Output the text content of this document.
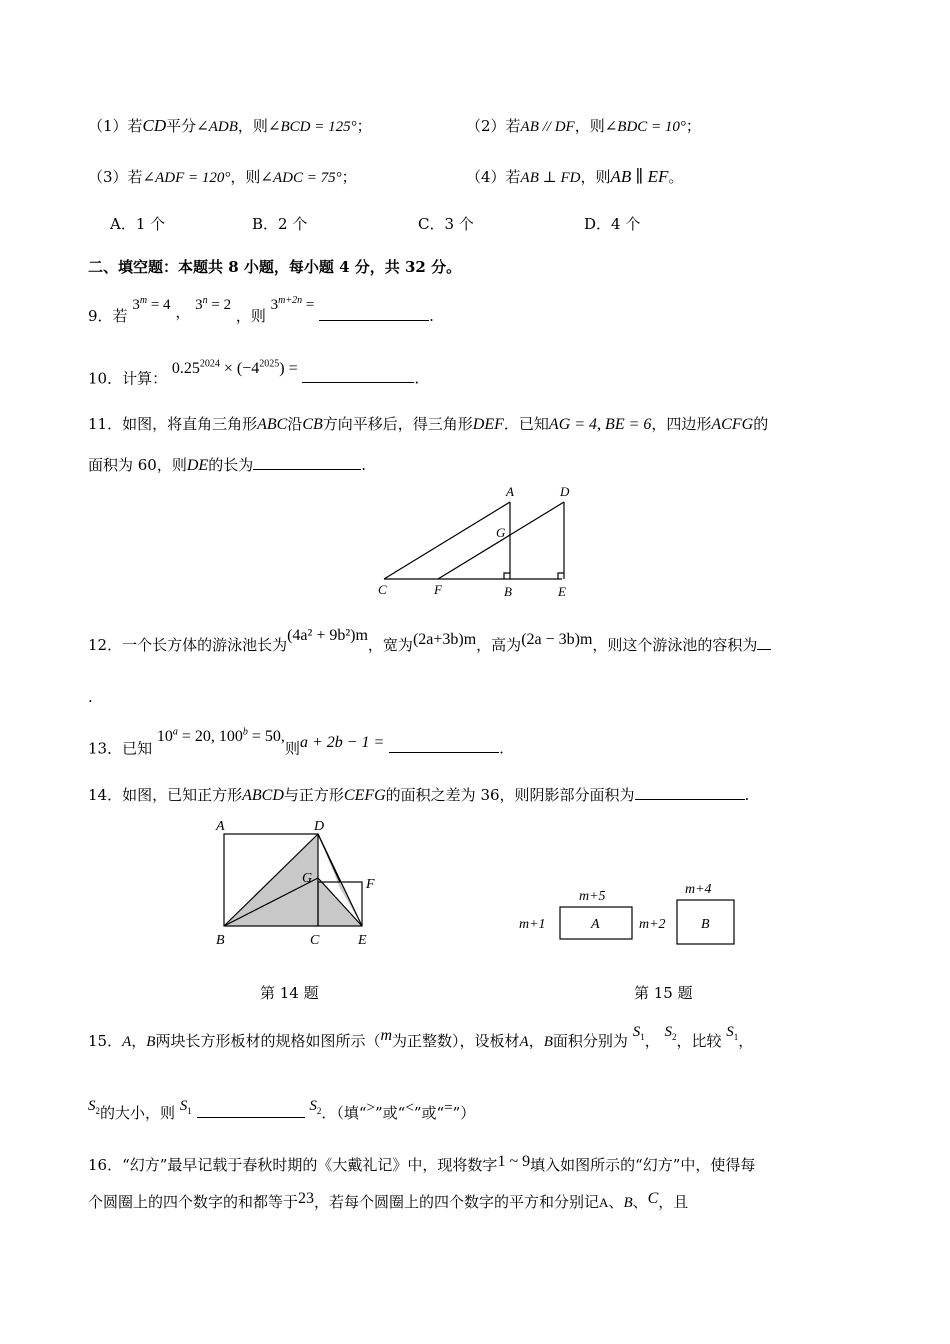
（1）若CD平分∠ADB，则∠BCD = 125°；	（2）若AB // DF，则∠BDC = 10°；
（3）若∠ADF = 120°，则∠ADC = 75°；	（4）若AB ⊥ FD，则AB ∥ EF。
A．1 个	B．2 个	C．3 个	D．4 个
二、填空题：本题共 8 小题，每小题 4 分，共 32 分。
9．若 $3^m = 4$ ， $3^n = 2$ ，则 $3^{m+2n}$ = .
10．计算： $0.25^{2024} \times (-4^{2025})$ = .
11．如图，将直角三角形ABC沿CB方向平移后，得三角形DEF．已知AG = 4, BE = 6，四边形ACFG的
面积为 60，则DE的长为	.
A	D
G
C	F	B	E
12．一个长方体的游泳池长为(4a² + 9b²)m，宽为(2a+3b)m，高为(2a − 3b)m，则这个游泳池的容积为
.
13．已知 $10^a = 20$, $100^b = 50$,则a + 2b − 1 =	.
14．如图，已知正方形ABCD与正方形CEFG的面积之差为 36，则阴影部分面积为	.
A	D
G	F
B	C	E
m+5	m+4
m+1	m+2
A	B
第 14 题	第 15 题
15．A，B两块长方形板材的规格如图所示（m为正整数），设板材A，B面积分别为 $S_1$， $S_2$，比较 $S_1$，
$S_2$的大小，则 $S_1$	$S_2$．（填“>”或“<”或“=”）
16．“幻方”最早记载于春秋时期的《大戴礼记》中，现将数字1 ~ 9填入如图所示的“幻方”中，使得每
个圆圈上的四个数字的和都等于23，若每个圆圈上的四个数字的平方和分别记A、B、C，且
